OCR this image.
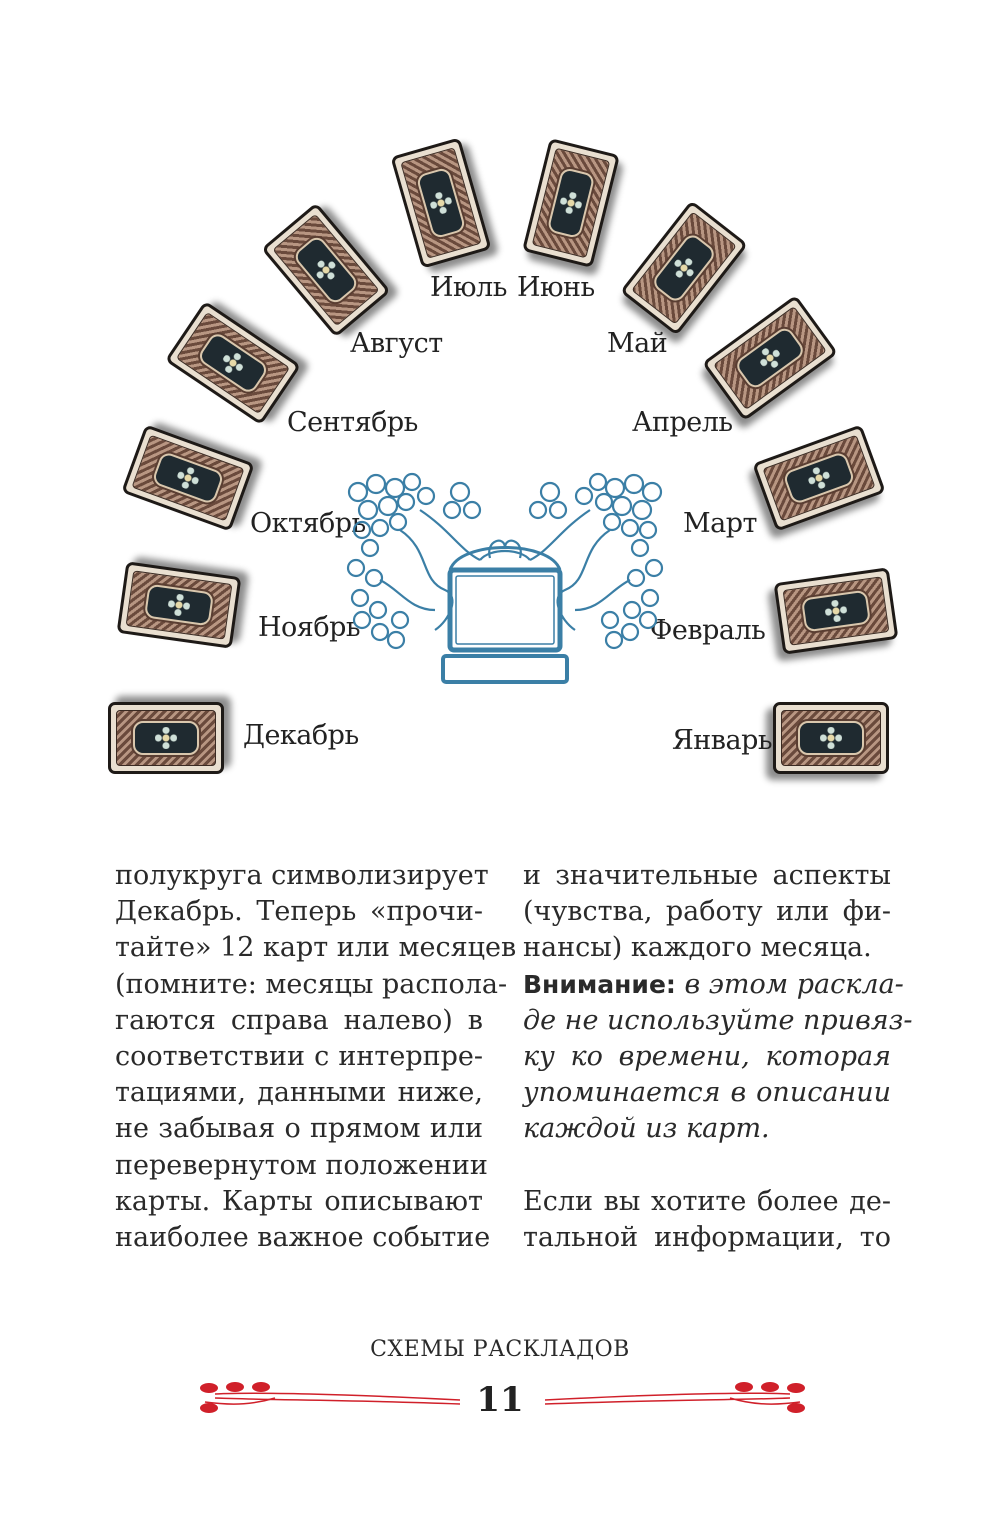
Июль Июнь
Август	Май
Сентябрь	Апрель
Октябрь	Март
Ноябрь	Февраль
Декабрь	Январь
полукруга символизирует
Декабрь. Теперь «прочи-
тайте» 12 карт или месяцев
(помните: месяцы распола-
гаются справа налево) в
соответствии с интерпре-
тациями, данными ниже,
не забывая о прямом или
перевернутом положении
карты. Карты описывают
наиболее важное событие
и значительные аспекты
(чувства, работу или фи-
нансы) каждого месяца.
Внимание: в этом раскла-
де не используйте привяз-
ку ко времени, которая
упоминается в описании
каждой из карт.
Если вы хотите более де-
тальной информации, то
СХЕМЫ РАСКЛАДОВ
11
